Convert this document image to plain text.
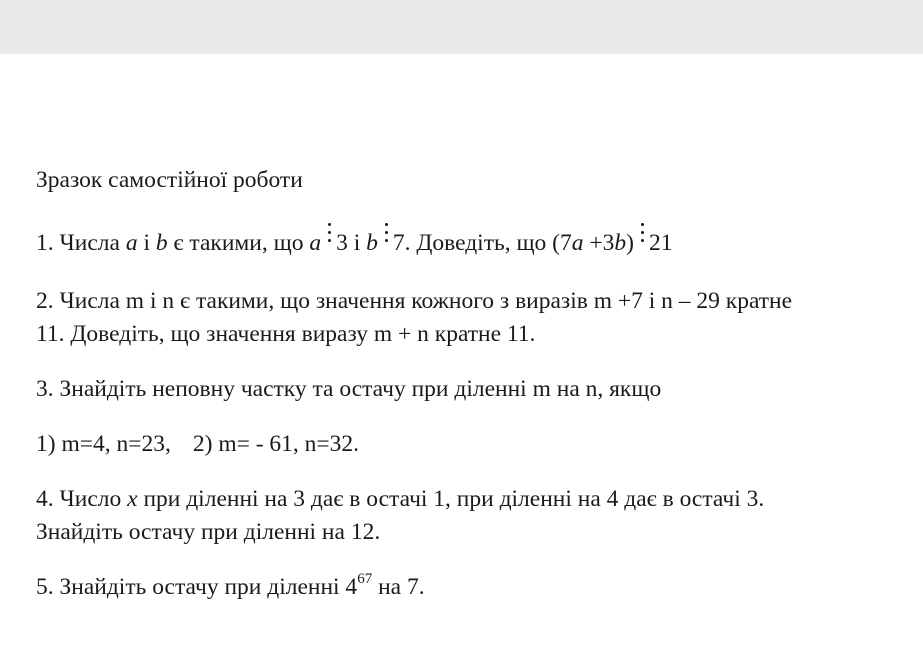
Зразок самостійної роботи
1. Числа a і b є такими, що a 3 і b 7. Доведіть, що (7a +3b) 21
2. Числа m і n є такими, що значення кожного з виразів m +7 і n – 29 кратне
11. Доведіть, що значення виразу m + n кратне 11.
3. Знайдіть неповну частку та остачу при діленні m на n, якщо
1) m=4, n=23, 2) m= - 61, n=32.
4. Число x при діленні на 3 дає в остачі 1, при діленні на 4 дає в остачі 3.
Знайдіть остачу при діленні на 12.
5. Знайдіть остачу при діленні $4^{67}$ на 7.
